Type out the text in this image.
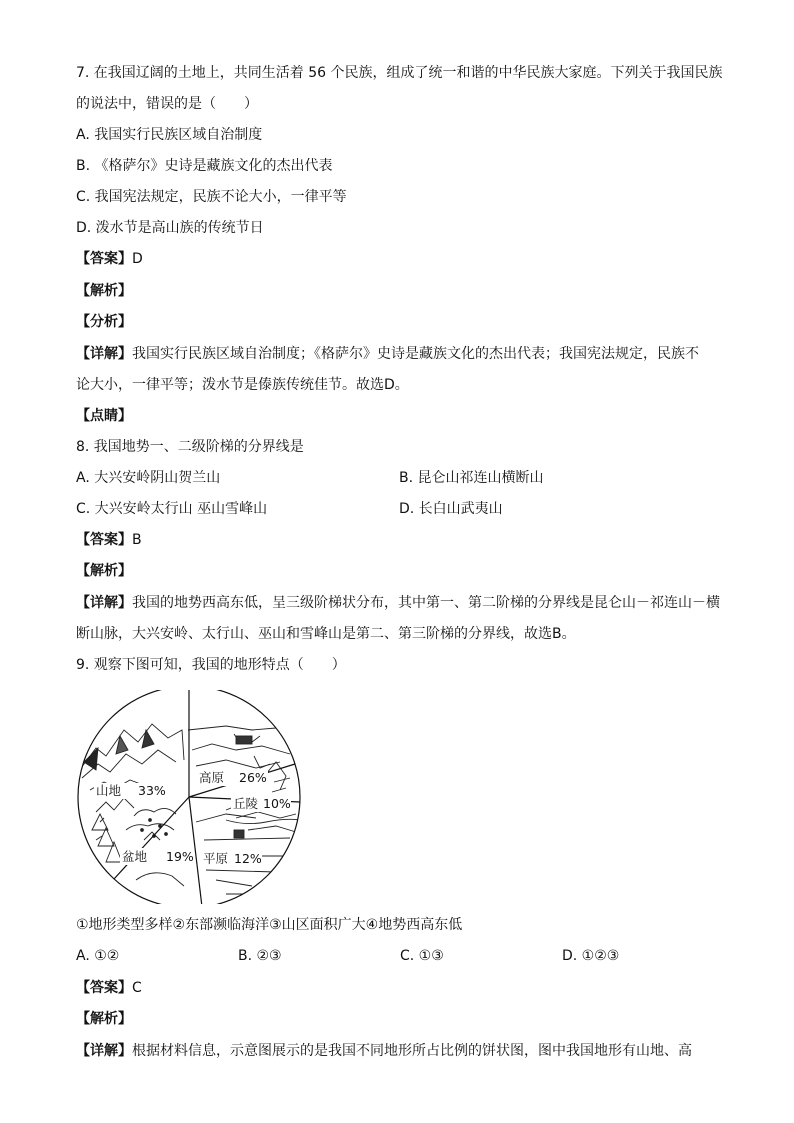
7. 在我国辽阔的土地上，共同生活着 56 个民族，组成了统一和谐的中华民族大家庭。下列关于我国民族
的说法中，错误的是（　　）
A. 我国实行民族区域自治制度
B. 《格萨尔》史诗是藏族文化的杰出代表
C. 我国宪法规定，民族不论大小，一律平等
D. 泼水节是高山族的传统节日
【答案】D
【解析】
【分析】
【详解】我国实行民族区域自治制度；《格萨尔》史诗是藏族文化的杰出代表；我国宪法规定，民族不
论大小，一律平等；泼水节是傣族传统佳节。故选D。
【点睛】
8. 我国地势一、二级阶梯的分界线是
A. 大兴安岭阴山贺兰山	B. 昆仑山祁连山横断山
C. 大兴安岭太行山 巫山雪峰山	D. 长白山武夷山
【答案】B
【解析】
【详解】我国的地势西高东低，呈三级阶梯状分布，其中第一、第二阶梯的分界线是昆仑山－祁连山－横
断山脉，大兴安岭、太行山、巫山和雪峰山是第二、第三阶梯的分界线，故选B。
9. 观察下图可知，我国的地形特点（　　）
山地 33%
高原 26%
丘陵 10%
盆地 19% 平原 12%
①地形类型多样②东部濒临海洋③山区面积广大④地势西高东低
A. ①②	B. ②③	C. ①③	D. ①②③
【答案】C
【解析】
【详解】根据材料信息，示意图展示的是我国不同地形所占比例的饼状图，图中我国地形有山地、高
